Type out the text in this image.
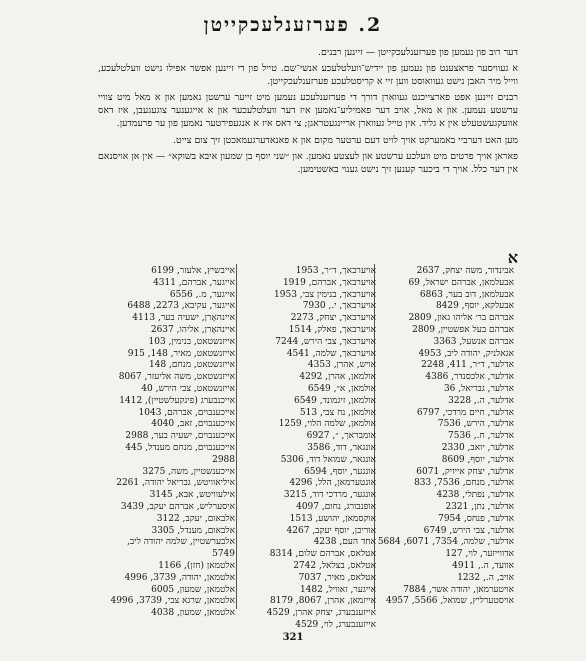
2. פערזענלעכקייטן

דער רוב פון נעמען פון פערזענלעכקייטן — זיינען רבנים.

א געוויסער פראצענט פון נעמען פון יידיש־וועלטלעכע אנשי־שם. טייל פון די זיינען אפשר אפילו נישט וועלטלעכע, ווייל מיר האבן נישט געוואוסט ווען זיי א קריסטלעכע פערזענלעכקייטן.

רבנים זיינען אפט פארצייכנט געווארן דורך די פערזענלעכע נעמען מיט זייער ערשטן נאמען און א מאל מיט צוויי ערשטע נעמען. און א מאל, אויב דער פאמיליע־נאמען איז דער וועלטלעכער און א אייגענער צוגעגעבן, איז דאס אוועקגעשטעלט אין א גליד. אין טייל געווארן אריינגעטראגן; צי דאס איז א אנגעפירטער נאמען פון ער פרעמדען.

מען האט דערביי באמערקט אויך לויט דעם ערטער מקום און א פאנאדערגעמאכטן זיך צום צייט.

פאראן אויך פרטים מיט וועלכע ערשטע און לעצטע נאמען. און ״שני יוסף בן שמעון איבא בשוקא״ — אין אן אויסנאם אין דער כלל. אויך די ביכער קענען זיך נישט גענוי באשטימען.

א
אבינדור, משה יצחק, 2637
אבעלמאן, אברהם ישראל, 69
אבעלמאן, דוב בער, 6863
אבעלקא, יוסף, 8429
אברהם בר׳ אליהו גאון, 2809
אברהם בעל אפשטיין, 2809
אברהם אנשעל, 3363
אגאלניק, יהודה ליב, 4953
אדלער, ד״ר, 411, 2248
אדלער, אלכסנדר, 4386
אדלער, גבריאל, 36
אדלער, ה., 3228
אדלער, חיים מרדכי, 6797
אדלער, הירש, 7536
אדלער, ח., 7536
אדלער, יואב, 2330
אדלער, יוסף, 8609
אדלער, יצחק אייזיק, 6071
אדלער, מנחם, 7536, 833
אדלער, נפתלי, 4238
אדלער, נתן, 2321
אדלער, פנחס, 7954
אדלער, צבי הירש, 6749
אדלער, שלמה, 7354, 6071, 5684
אדווייזער, לוי, 127
אוועד, ה., 4911
אויב, ה., 1232
אויטערמאן, יהודה אשר, 7884
אויסטערליץ, שמואל, 5566, 4957
אויערבאך, ד״ר, 1953
אויערבאך, אברהם, 1919
אויערבאך, בנימין צבי, 1953
אויערבאך, י., 7930
אויערבאך, יצחק, 2273
אויערבאך, פאלק, 1514
אויערבאך, צבי הירש, 7244
אויערבאך, שלמה, 4541
אויש, אהרן, 4353
אולמאן, אהרן, 4292
אולמאן, א״, 6549
אולמאן, זיגמונד, 6549
אולמאן, נח צבי, 513
אולמאן, שלמה הלוי, 1259
אומבראך, ״, 6927
אונגאר, דוד, 3586
אונגאר, שמואל דוד, 5306
אונגער, יוסף, 6594
אונטערמאן, הלל, 4296
אונגער, מרדכי דוד, 3215
אופנבורג, נחום, 4097
אוקסמאן, יהושע, 1513
אוריכן, יוסף יעקב, 4267
אחד העם, 4238
אטלאס, אברהם שלום, 8314
אטלאס, בצלאל, 2742
אטלאס, מאיר, 7037
אייגער, זאוויל, 1482
אייזמאן, אהרן, 8067, 8179
אייזענבערג, יצחק אהרן, 4529
אייזענבערג, לוי, 4529
אייבשיץ, אלעזר, 6199
אייגער, אברהם, 4311
אייגער, מ., 6556
אייגער, עקיבא, 2273, 6488
איינהאָרן, ישעיה בער, 4113
איינהאָרן, אליהו, 2637
אייזנשטאט, בנימין, 103
אייזנשטאט, מאיר, 148, 915
אייזנשטאט, מנחם, 148
אייזנשטאט, משה אליעזר, 8067
אייזנשטאט, צבי הירש, 40
אייכנבערג (פינקעלשטיין), 1412
אייכענבוים, אברהם, 1043
אייכענבוים, זאב, 4040
אייכענבוים, ישעיה בער, 2988
אייכענבוים, מנחם מענדל, 445
2988
אייכענשטיין, משה, 3275
איליאוויטש, גבריאל יהודה, 2261
אילעוויטש, אבא, 3145
איסערליש, אברהם יעקב, 3439
אלבאום, יעקב, 3122
אלבאום, מענדל, 3305
אלבערשטיין, שלמה יהודה ליב,
5749
אלטמאן (חזן), 1166
אלטמאן, יהודה, 3739, 4996
אלטמאן, שמעון, 6005
אלטמאן, שרגא צבי, 3739, 4996
אלטמאן, שמעון, 4038
321
